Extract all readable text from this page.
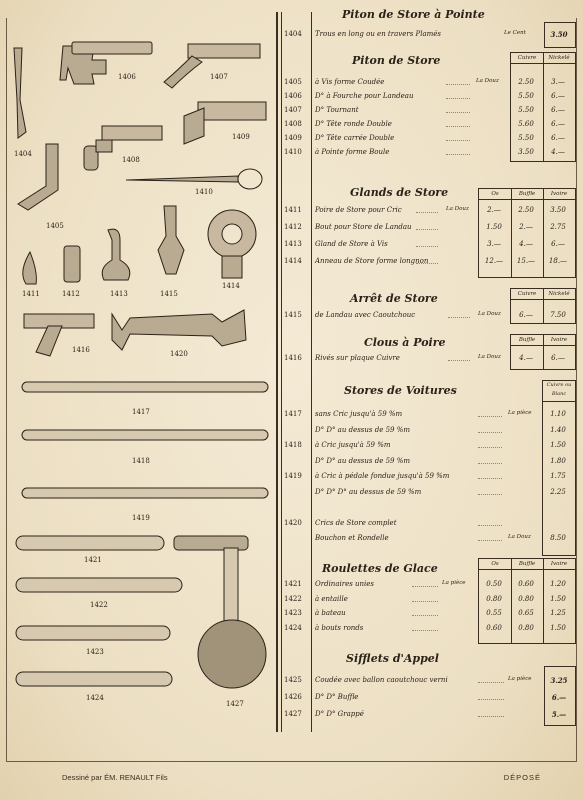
1404
1405
1406	1407
1408
1409
1410
1411	1412	1413
1414
1415
1416
1417
1418
1419
1420
1421
1422
1423
1424
1427
Piton de Store à Pointe
1404 Trous en long ou en travers Plamés	Le Cent	3.50
Piton de Store	Cuivre	Nickelé
1405 à Vis forme Coudée	La Douz	2.50	3.—
1406 D° à Fourche pour Landeau	5.50	6.—
1407 D° Tournant	5.50	6.—
1408 D° Tête ronde Double	5.60	6.—
1409 D° Tête carrée Double	5.50	6.—
1410 à Pointe forme Boule	3.50	4.—
Glands de Store	Os	Buffle	Ivoire
1411 Poire de Store pour Cric	La Douz	2.—	2.50	3.50
1412 Bout pour Store de Landau	1.50	2.—	2.75
1413 Gland de Store à Vis	3.—	4.—	6.—
1414 Anneau de Store forme longnon	12.—	15.—	18.—
Arrêt de Store	Cuivre	Nickelé
1415 de Landau avec Caoutchouc	La Douz	6.—	7.50
Clous à Poire	Buffle	Ivoire
1416 Rivés sur plaque Cuivre	La Douz	4.—	6.—
Stores de Voitures	Cuivre ou Blanc
1417 sans Cric jusqu'à 59 %m	La pièce	1.10
D° D° au dessus de 59 %m	1.40
1418 à Cric jusqu'à 59 %m	1.50
D° D° au dessus de 59 %m	1.80
1419 à Cric à pédale fondue jusqu'à 59 %m	1.75
D° D° D° au dessus de 59 %m	2.25
1420 Crics de Store complet
Bouchon et Rondelle	La Douz	8.50
Roulettes de Glace	Os	Buffle	Ivoire
1421 Ordinaires unies	La pièce	0.50	0.60	1.20
1422 à entaille	0.80	0.80	1.50
1423 à bateau	0.55	0.65	1.25
1424 à bouts ronds	0.60	0.80	1.50
Sifflets d'Appel
1425 Coudée avec ballon caoutchouc verni	La pièce	3.25
1426 D° D° Buffle	6.—
1427 D° D° Grappé	5.—
Dessiné par ÉM. RENAULT Fils	DÉPOSÉ
